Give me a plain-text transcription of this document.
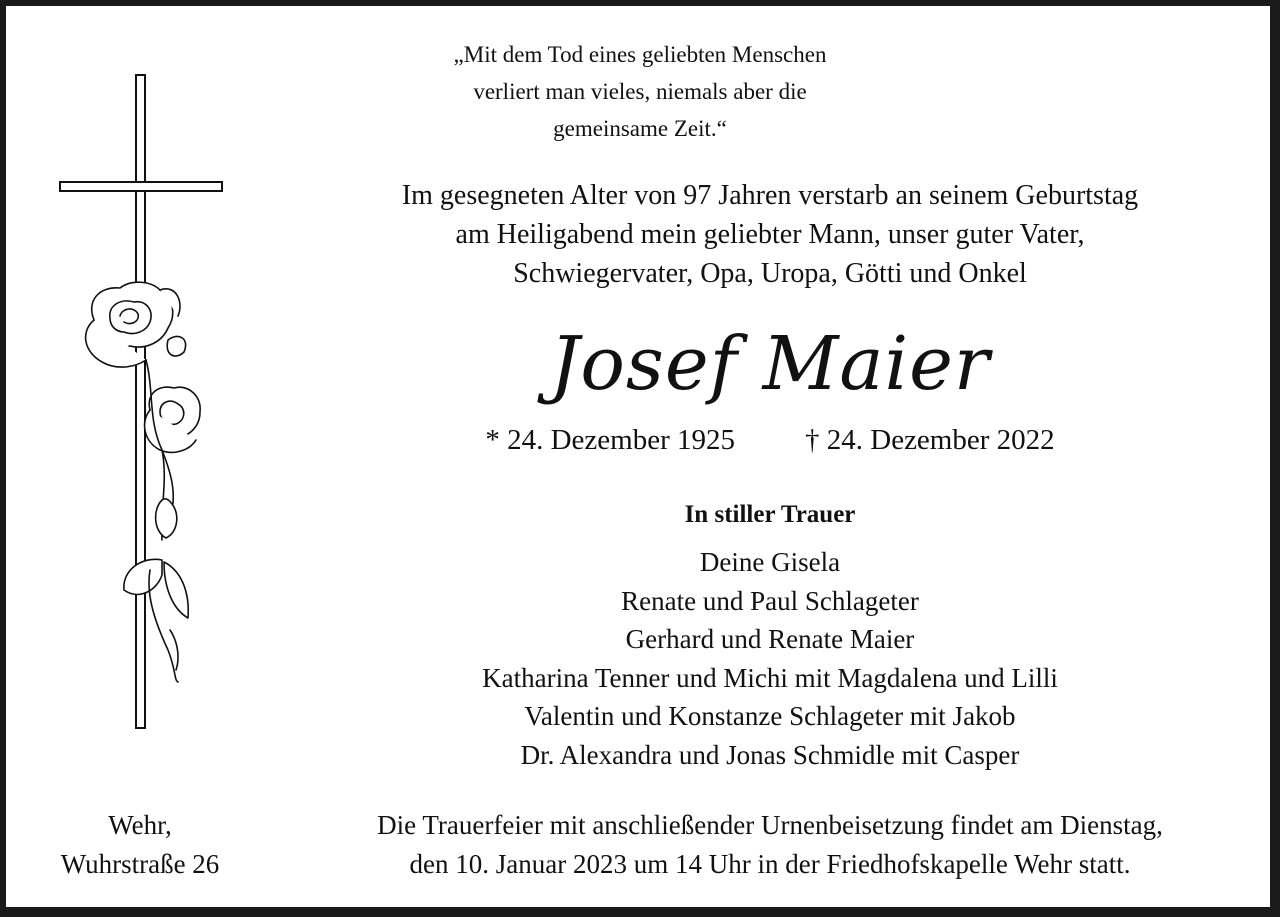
„Mit dem Tod eines geliebten Menschen
verliert man vieles, niemals aber die
gemeinsame Zeit.“
Im gesegneten Alter von 97 Jahren verstarb an seinem Geburtstag
am Heiligabend mein geliebter Mann, unser guter Vater,
Schwiegervater, Opa, Uropa, Götti und Onkel
Josef Maier
* 24. Dezember 1925 † 24. Dezember 2022
In stiller Trauer
Deine Gisela
Renate und Paul Schlageter
Gerhard und Renate Maier
Katharina Tenner und Michi mit Magdalena und Lilli
Valentin und Konstanze Schlageter mit Jakob
Dr. Alexandra und Jonas Schmidle mit Casper
Wehr,
Wuhrstraße 26
Die Trauerfeier mit anschließender Urnenbeisetzung findet am Dienstag,
den 10. Januar 2023 um 14 Uhr in der Friedhofskapelle Wehr statt.
